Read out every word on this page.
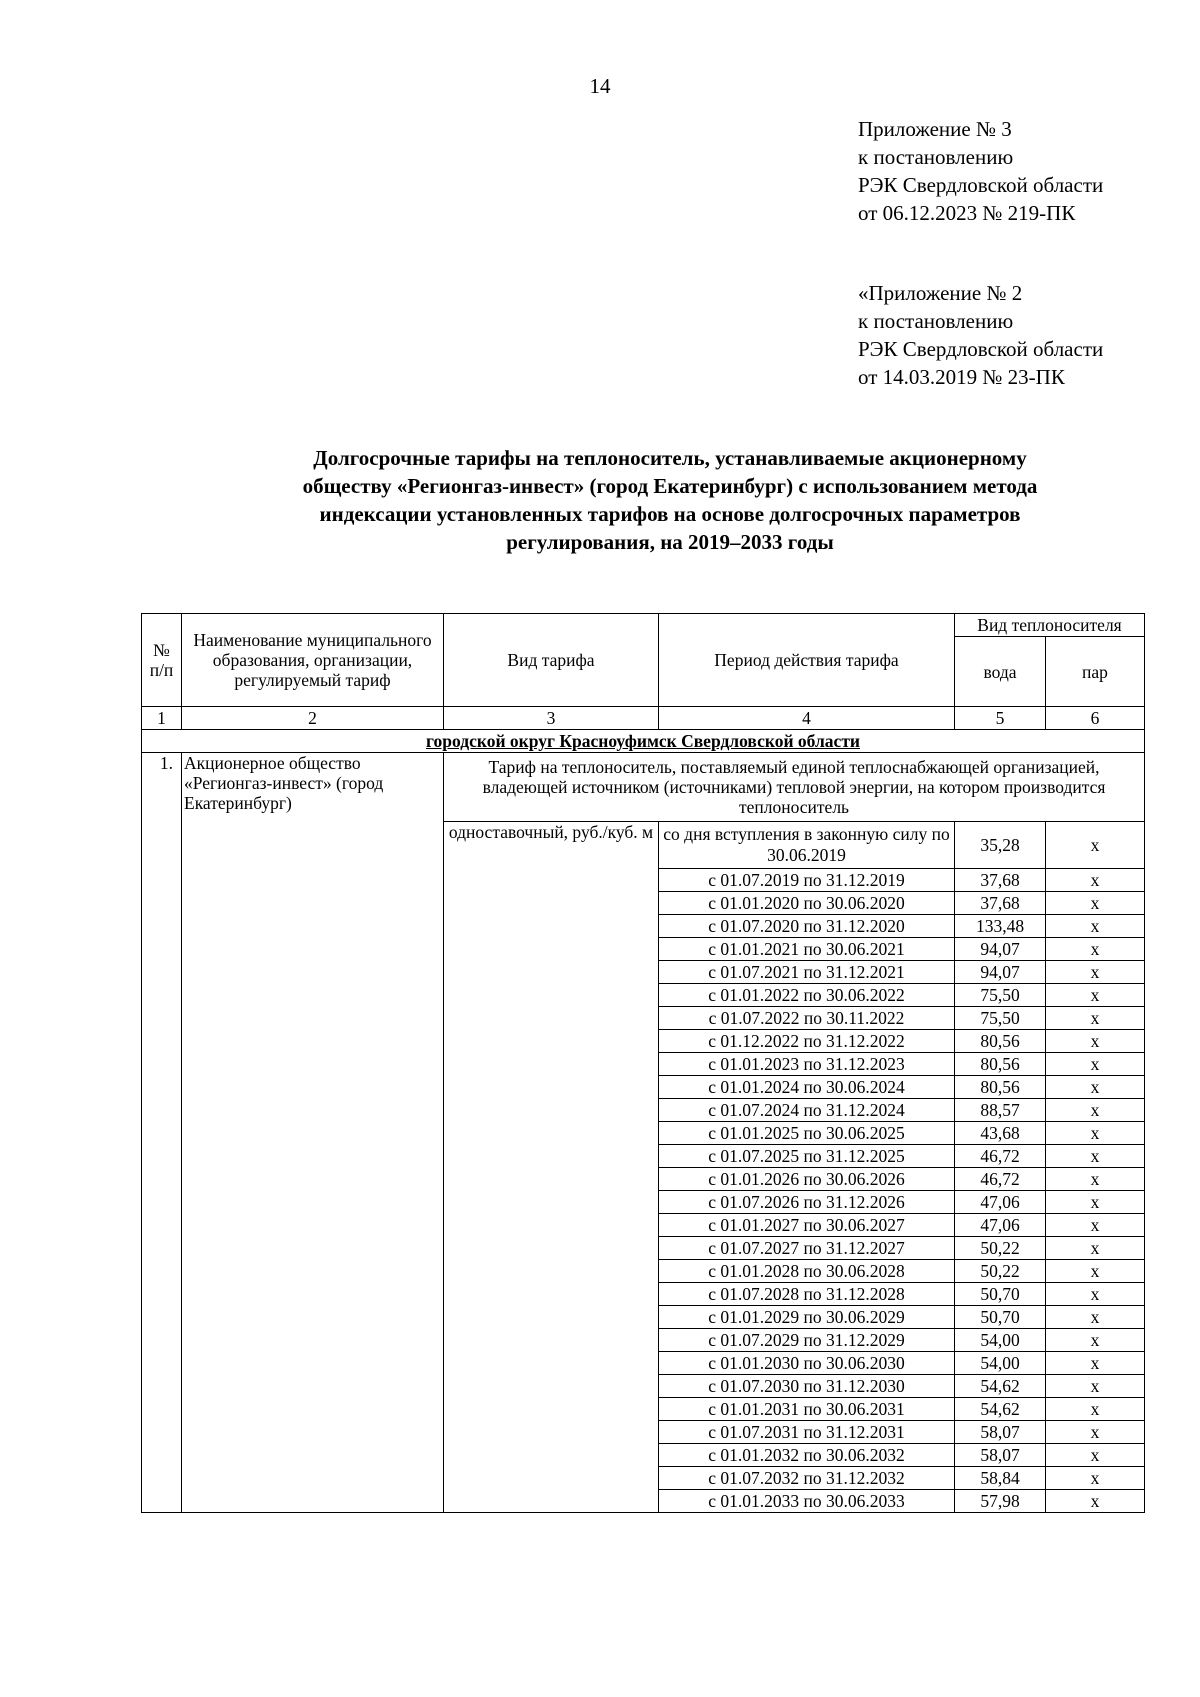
14
Приложение № 3
к постановлению
РЭК Свердловской области
от 06.12.2023 № 219-ПК
«Приложение № 2
к постановлению
РЭК Свердловской области
от 14.03.2019 № 23-ПК
Долгосрочные тарифы на теплоноситель, устанавливаемые акционерному
обществу «Регионгаз-инвест» (город Екатеринбург) с использованием метода
индексации установленных тарифов на основе долгосрочных параметров
регулирования, на 2019–2033 годы
№ п/п	Наименование муниципального образования, организации, регулируемый тариф	Вид тарифа	Период действия тарифа	Вид теплоносителя	
				вода	пар
1	2	3	4	5	6
городской округ Красноуфимск Свердловской области					
1.	Акционерное общество «Регионгаз-инвест» (город Екатеринбург)	Тариф на теплоноситель, поставляемый единой теплоснабжающей организацией, владеющей источником (источниками) тепловой энергии, на котором производится теплоноситель			
		одноставочный, руб./куб. м	со дня вступления в законную силу по 30.06.2019	35,28	х
			с 01.07.2019 по 31.12.2019	37,68	х
			с 01.01.2020 по 30.06.2020	37,68	х
			с 01.07.2020 по 31.12.2020	133,48	х
			с 01.01.2021 по 30.06.2021	94,07	х
			с 01.07.2021 по 31.12.2021	94,07	х
			с 01.01.2022 по 30.06.2022	75,50	х
			с 01.07.2022 по 30.11.2022	75,50	х
			с 01.12.2022 по 31.12.2022	80,56	х
			с 01.01.2023 по 31.12.2023	80,56	х
			с 01.01.2024 по 30.06.2024	80,56	х
			с 01.07.2024 по 31.12.2024	88,57	х
			с 01.01.2025 по 30.06.2025	43,68	х
			с 01.07.2025 по 31.12.2025	46,72	х
			с 01.01.2026 по 30.06.2026	46,72	х
			с 01.07.2026 по 31.12.2026	47,06	х
			с 01.01.2027 по 30.06.2027	47,06	х
			с 01.07.2027 по 31.12.2027	50,22	х
			с 01.01.2028 по 30.06.2028	50,22	х
			с 01.07.2028 по 31.12.2028	50,70	х
			с 01.01.2029 по 30.06.2029	50,70	х
			с 01.07.2029 по 31.12.2029	54,00	х
			с 01.01.2030 по 30.06.2030	54,00	х
			с 01.07.2030 по 31.12.2030	54,62	х
			с 01.01.2031 по 30.06.2031	54,62	х
			с 01.07.2031 по 31.12.2031	58,07	х
			с 01.01.2032 по 30.06.2032	58,07	х
			с 01.07.2032 по 31.12.2032	58,84	х
			с 01.01.2033 по 30.06.2033	57,98	х
